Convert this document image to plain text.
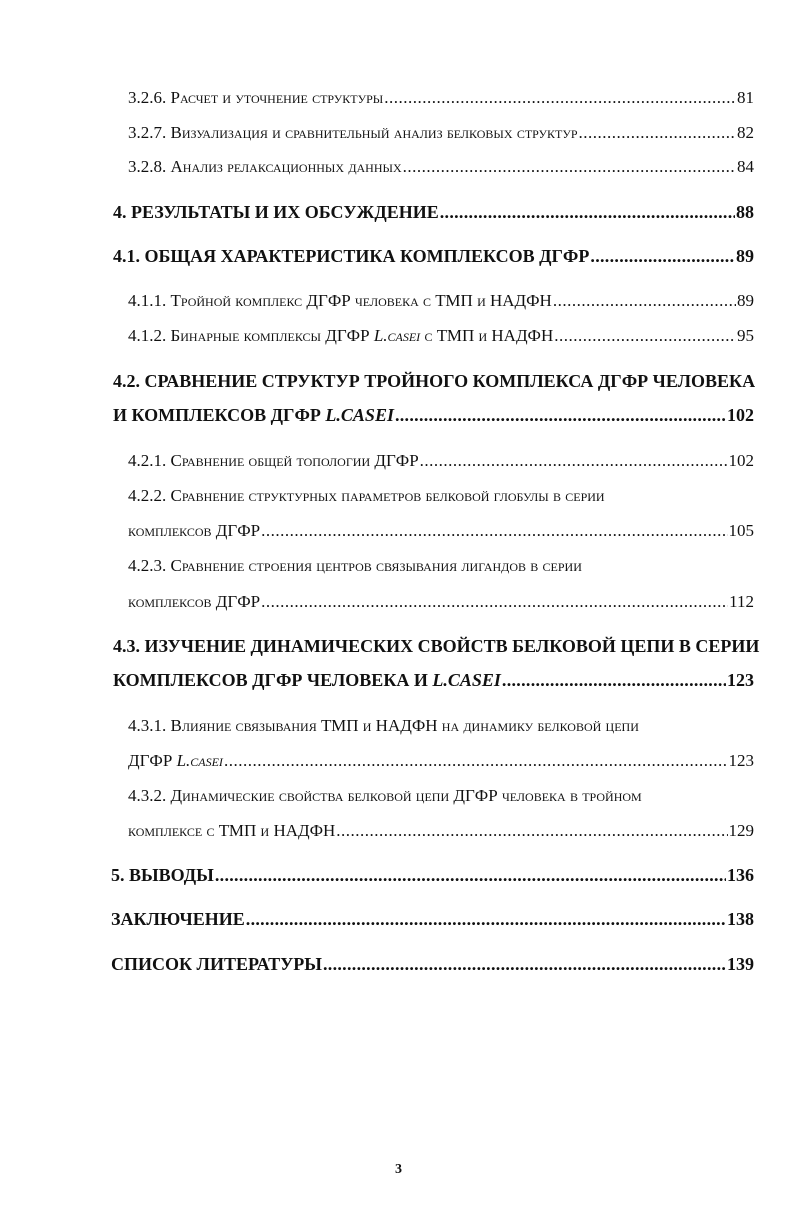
3.2.6. Расчет и уточнение структуры .....	81
3.2.7. Визуализация и сравнительный анализ белковых структур .....	82
3.2.8. Анализ релаксационных данных .....	84
4. РЕЗУЛЬТАТЫ И ИХ ОБСУЖДЕНИЕ .....	88
4.1. ОБЩАЯ ХАРАКТЕРИСТИКА КОМПЛЕКСОВ ДГФР .....	89
4.1.1. Тройной комплекс ДГФР человека с ТМП и НАДФН .....	89
4.1.2. Бинарные комплексы ДГФР L.casei с ТМП и НАДФН .....	95
4.2. СРАВНЕНИЕ СТРУКТУР ТРОЙНОГО КОМПЛЕКСА ДГФР ЧЕЛОВЕКА
И КОМПЛЕКСОВ ДГФР L.CASEI .....	102
4.2.1. Сравнение общей топологии ДГФР .....	102
4.2.2. Сравнение структурных параметров белковой глобулы в серии
комплексов ДГФР .....	105
4.2.3. Сравнение строения центров связывания лигандов в серии
комплексов ДГФР .....	112
4.3. ИЗУЧЕНИЕ ДИНАМИЧЕСКИХ СВОЙСТВ БЕЛКОВОЙ ЦЕПИ В СЕРИИ
КОМПЛЕКСОВ ДГФР ЧЕЛОВЕКА И L.CASEI .....	123
4.3.1. Влияние связывания ТМП и НАДФН на динамику белковой цепи
ДГФР L.casei .....	123
4.3.2. Динамические свойства белковой цепи ДГФР человека в тройном
комплексе с ТМП и НАДФН .....	129
5. ВЫВОДЫ .....	136
ЗАКЛЮЧЕНИЕ .....	138
СПИСОК ЛИТЕРАТУРЫ .....	139
3
